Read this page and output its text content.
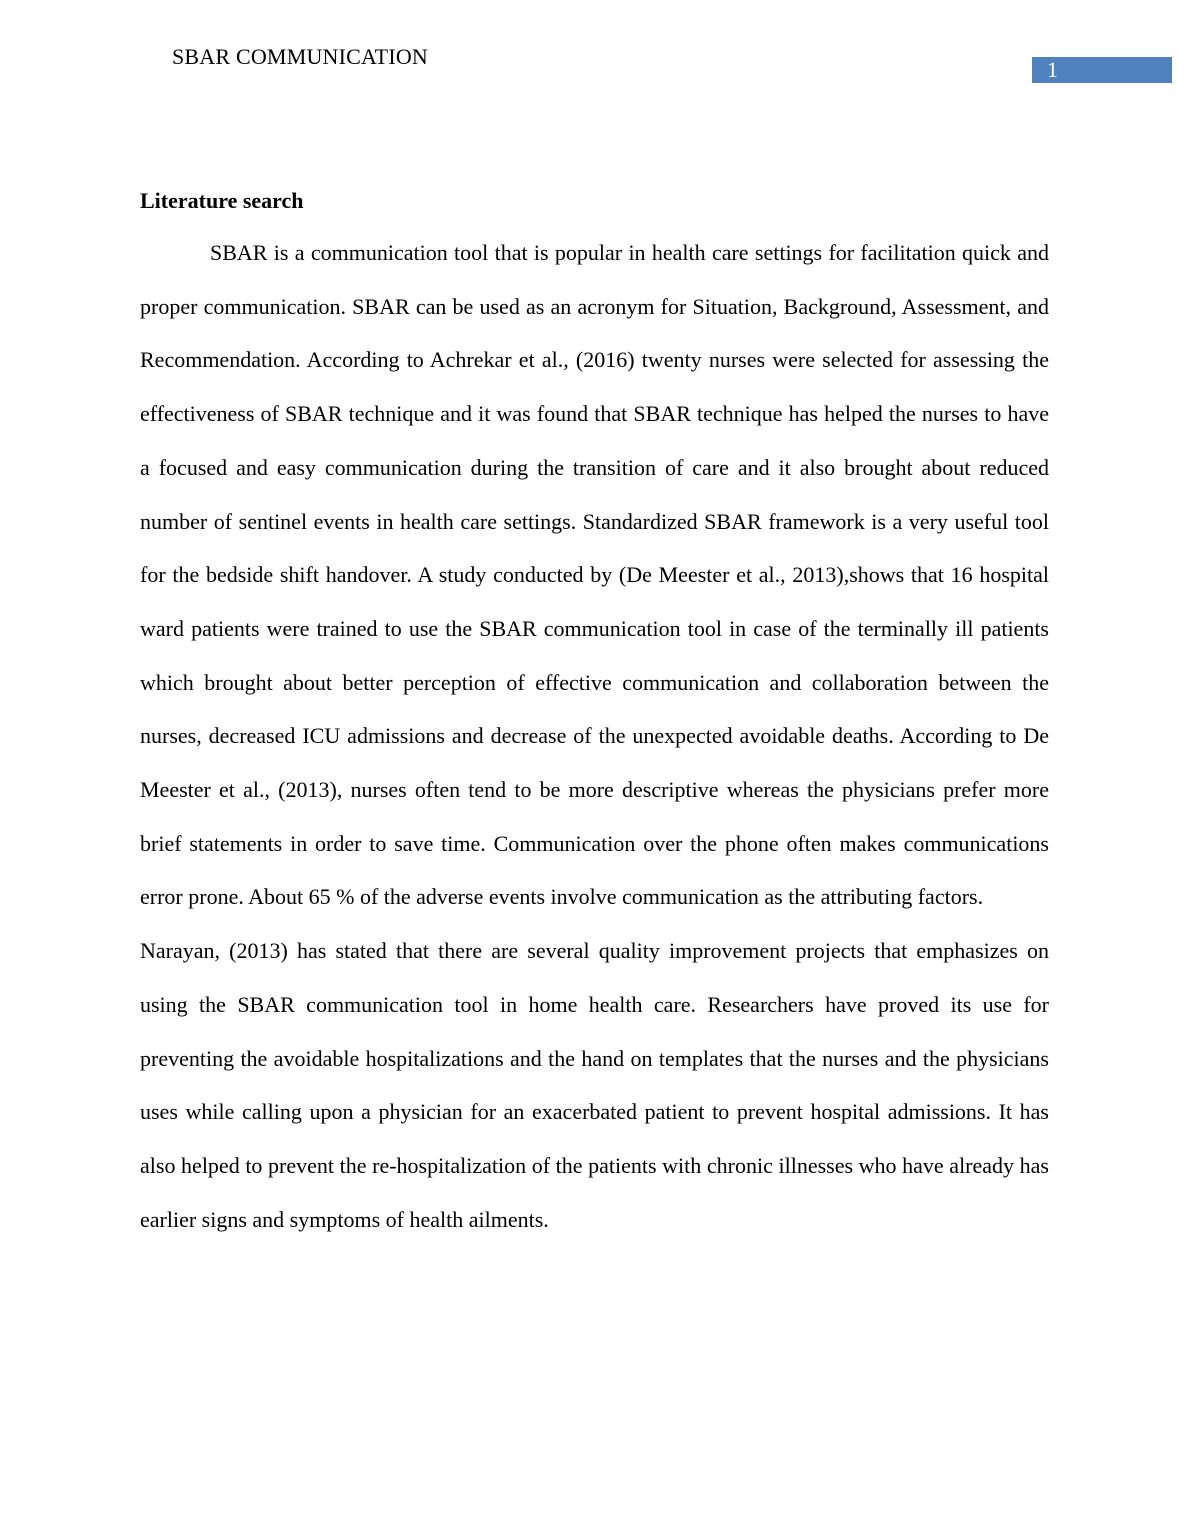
SBAR COMMUNICATION
1
Literature search

SBAR is a communication tool that is popular in health care settings for facilitation quick and proper communication. SBAR can be used as an acronym for Situation, Background, Assessment, and Recommendation. According to Achrekar et al., (2016) twenty nurses were selected for assessing the effectiveness of SBAR technique and it was found that SBAR technique has helped the nurses to have a focused and easy communication during the transition of care and it also brought about reduced number of sentinel events in health care settings. Standardized SBAR framework is a very useful tool for the bedside shift handover. A study conducted by (De Meester et al., 2013),shows that 16 hospital ward patients were trained to use the SBAR communication tool in case of the terminally ill patients which brought about better perception of effective communication and collaboration between the nurses, decreased ICU admissions and decrease of the unexpected avoidable deaths. According to De Meester et al., (2013), nurses often tend to be more descriptive whereas the physicians prefer more brief statements in order to save time. Communication over the phone often makes communications error prone. About 65 % of the adverse events involve communication as the attributing factors.

Narayan, (2013) has stated that there are several quality improvement projects that emphasizes on using the SBAR communication tool in home health care. Researchers have proved its use for preventing the avoidable hospitalizations and the hand on templates that the nurses and the physicians uses while calling upon a physician for an exacerbated patient to prevent hospital admissions. It has also helped to prevent the re-hospitalization of the patients with chronic illnesses who have already has earlier signs and symptoms of health ailments.
